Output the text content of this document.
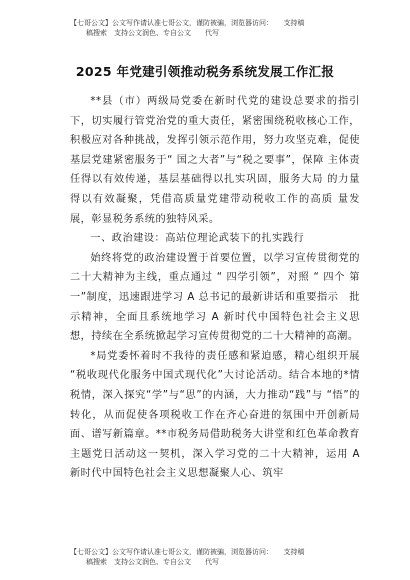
【七哥公文】公文写作请认准七哥公文，谨防被骗，浏览器访问：　　支持稿
稿搜索　支持公文润色、专自公文　　代写
2025 年党建引领推动税务系统发展工作汇报

**县（市）两级局党委在新时代党的建设总要求的指引下，切实履行管党治党的重大责任，紧密围绕税收核心工作，积极应对各种挑战，发挥引领示范作用，努力攻坚克难，促使基层党建紧密服务于“ 国之大者”与“税之要事”，保障 主体责任得以有效传递，基层基础得以扎实巩固，服务大局 的力量得以有效凝聚，凭借高质量党建带动税收工作的高质 量发展，彰显税务系统的独特风采。

一、政治建设：高站位理论武装下的扎实践行

始终将党的政治建设置于首要位置，以学习宣传贯彻党的二十大精神为主线，重点通过 “ 四学引领”，对照 “ 四个 第一”制度，迅速跟进学习 A 总书记的最新讲话和重要指示　批示精神，全面且系统地学习 A 新时代中国特色社会主义思　想，持续在全系统掀起学习宣传贯彻党的二十大精神的高潮。

*局党委怀着时不我待的责任感和紧迫感，精心组织开展 “税收现代化服务中国式现代化”大讨论活动。结合本地的*情税情，深入探究“学”与“思”的内涵，大力推动“践”与 “悟”的转化，从而促使各项税收工作在齐心奋进的氛围中开创新局面、谱写新篇章。**市税务局借助税务大讲堂和红色革命教育主题党日活动这一契机，深入学习党的二十大精神，运用 A 新时代中国特色社会主义思想凝聚人心、筑牢

【七哥公文】公文写作请认准七哥公文，谨防被骗，浏览器访问：　　支持稿
稿搜索　支持公文润色、专自公文　　代写
